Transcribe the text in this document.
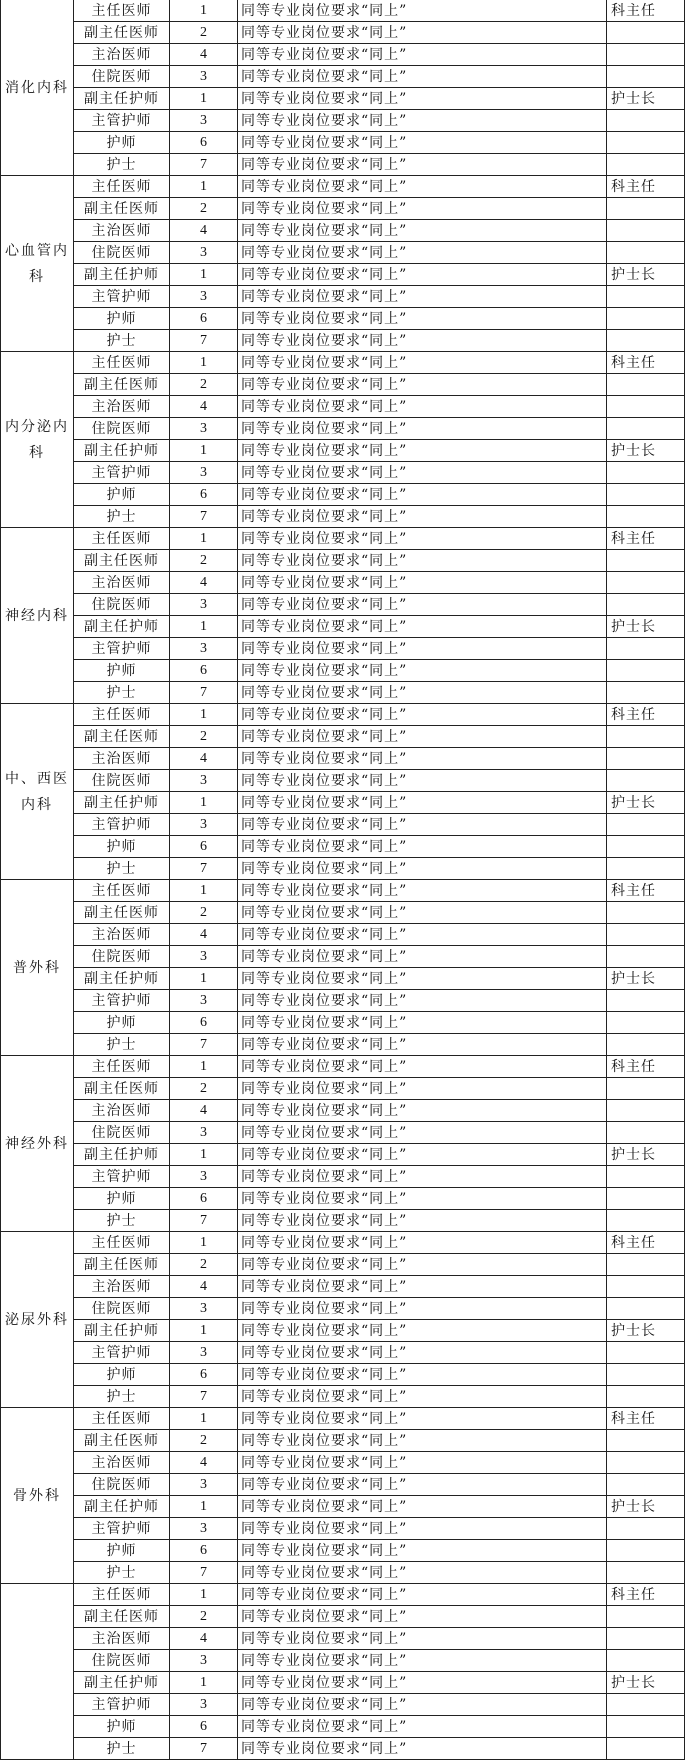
消化内科	主任医师	1	同等专业岗位要求“同上”	科主任
	副主任医师	2	同等专业岗位要求“同上”	
	主治医师	4	同等专业岗位要求“同上”	
	住院医师	3	同等专业岗位要求“同上”	
	副主任护师	1	同等专业岗位要求“同上”	护士长
	主管护师	3	同等专业岗位要求“同上”	
	护师	6	同等专业岗位要求“同上”	
	护士	7	同等专业岗位要求“同上”	
心血管内科	主任医师	1	同等专业岗位要求“同上”	科主任
	副主任医师	2	同等专业岗位要求“同上”	
	主治医师	4	同等专业岗位要求“同上”	
	住院医师	3	同等专业岗位要求“同上”	
	副主任护师	1	同等专业岗位要求“同上”	护士长
	主管护师	3	同等专业岗位要求“同上”	
	护师	6	同等专业岗位要求“同上”	
	护士	7	同等专业岗位要求“同上”	
内分泌内科	主任医师	1	同等专业岗位要求“同上”	科主任
	副主任医师	2	同等专业岗位要求“同上”	
	主治医师	4	同等专业岗位要求“同上”	
	住院医师	3	同等专业岗位要求“同上”	
	副主任护师	1	同等专业岗位要求“同上”	护士长
	主管护师	3	同等专业岗位要求“同上”	
	护师	6	同等专业岗位要求“同上”	
	护士	7	同等专业岗位要求“同上”	
神经内科	主任医师	1	同等专业岗位要求“同上”	科主任
	副主任医师	2	同等专业岗位要求“同上”	
	主治医师	4	同等专业岗位要求“同上”	
	住院医师	3	同等专业岗位要求“同上”	
	副主任护师	1	同等专业岗位要求“同上”	护士长
	主管护师	3	同等专业岗位要求“同上”	
	护师	6	同等专业岗位要求“同上”	
	护士	7	同等专业岗位要求“同上”	
中、西医内科	主任医师	1	同等专业岗位要求“同上”	科主任
	副主任医师	2	同等专业岗位要求“同上”	
	主治医师	4	同等专业岗位要求“同上”	
	住院医师	3	同等专业岗位要求“同上”	
	副主任护师	1	同等专业岗位要求“同上”	护士长
	主管护师	3	同等专业岗位要求“同上”	
	护师	6	同等专业岗位要求“同上”	
	护士	7	同等专业岗位要求“同上”	
普外科	主任医师	1	同等专业岗位要求“同上”	科主任
	副主任医师	2	同等专业岗位要求“同上”	
	主治医师	4	同等专业岗位要求“同上”	
	住院医师	3	同等专业岗位要求“同上”	
	副主任护师	1	同等专业岗位要求“同上”	护士长
	主管护师	3	同等专业岗位要求“同上”	
	护师	6	同等专业岗位要求“同上”	
	护士	7	同等专业岗位要求“同上”	
神经外科	主任医师	1	同等专业岗位要求“同上”	科主任
	副主任医师	2	同等专业岗位要求“同上”	
	主治医师	4	同等专业岗位要求“同上”	
	住院医师	3	同等专业岗位要求“同上”	
	副主任护师	1	同等专业岗位要求“同上”	护士长
	主管护师	3	同等专业岗位要求“同上”	
	护师	6	同等专业岗位要求“同上”	
	护士	7	同等专业岗位要求“同上”	
泌尿外科	主任医师	1	同等专业岗位要求“同上”	科主任
	副主任医师	2	同等专业岗位要求“同上”	
	主治医师	4	同等专业岗位要求“同上”	
	住院医师	3	同等专业岗位要求“同上”	
	副主任护师	1	同等专业岗位要求“同上”	护士长
	主管护师	3	同等专业岗位要求“同上”	
	护师	6	同等专业岗位要求“同上”	
	护士	7	同等专业岗位要求“同上”	
骨外科	主任医师	1	同等专业岗位要求“同上”	科主任
	副主任医师	2	同等专业岗位要求“同上”	
	主治医师	4	同等专业岗位要求“同上”	
	住院医师	3	同等专业岗位要求“同上”	
	副主任护师	1	同等专业岗位要求“同上”	护士长
	主管护师	3	同等专业岗位要求“同上”	
	护师	6	同等专业岗位要求“同上”	
	护士	7	同等专业岗位要求“同上”	
	主任医师	1	同等专业岗位要求“同上”	科主任
	副主任医师	2	同等专业岗位要求“同上”	
	主治医师	4	同等专业岗位要求“同上”	
	住院医师	3	同等专业岗位要求“同上”	
	副主任护师	1	同等专业岗位要求“同上”	护士长
	主管护师	3	同等专业岗位要求“同上”	
	护师	6	同等专业岗位要求“同上”	
	护士	7	同等专业岗位要求“同上”	
